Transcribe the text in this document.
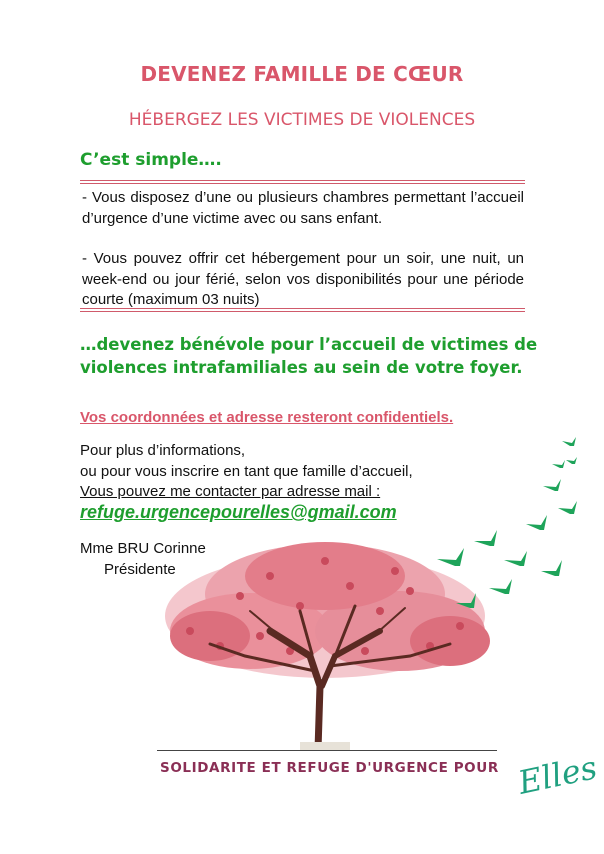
DEVENEZ FAMILLE DE CŒUR
HÉBERGEZ LES VICTIMES DE VIOLENCES
C’est simple….

- Vous disposez d’une ou plusieurs chambres permettant l’accueil d’urgence d’une victime avec ou sans enfant.

- Vous pouvez offrir cet hébergement pour un soir, une nuit, un week-end ou jour férié, selon vos disponibilités pour une période courte (maximum 03 nuits)

…devenez bénévole pour l’accueil de victimes de violences intrafamiliales au sein de votre foyer.
Vos coordonnées et adresse resteront confidentiels.
Pour plus d’informations,
ou pour vous inscrire en tant que famille d’accueil,
Vous pouvez me contacter par adresse mail :
refuge.urgencepourelles@gmail.com
Mme BRU Corinne
Présidente
SOLIDARITE ET REFUGE D'URGENCE POUR Elles
